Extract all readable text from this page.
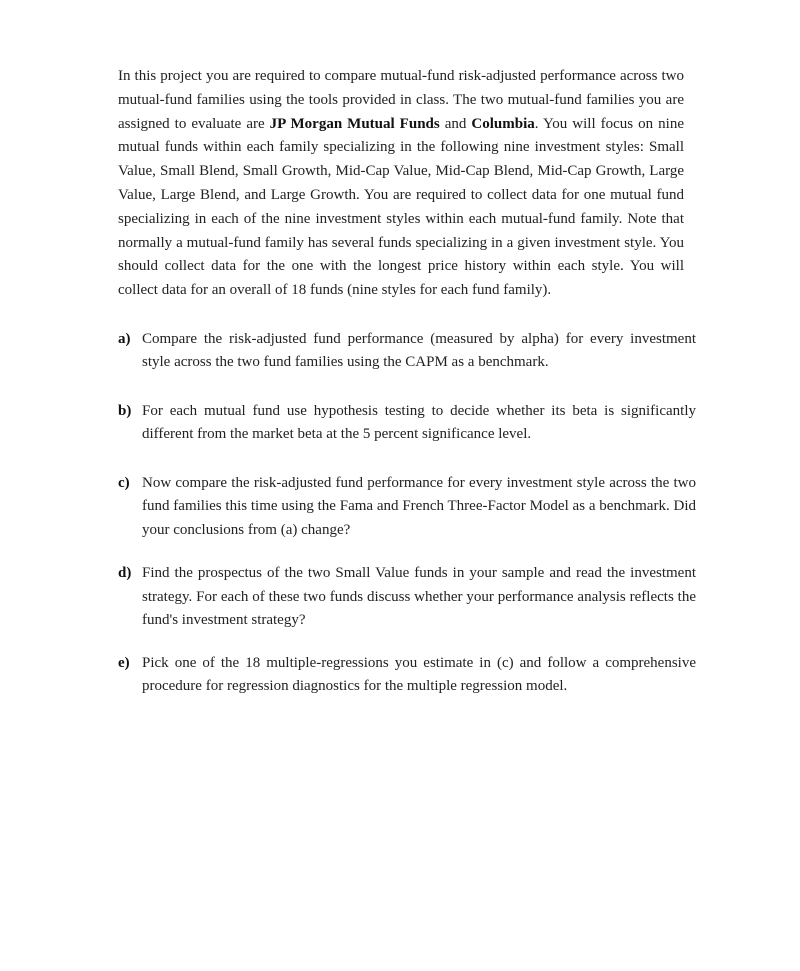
In this project you are required to compare mutual-fund risk-adjusted performance across two mutual-fund families using the tools provided in class. The two mutual-fund families you are assigned to evaluate are JP Morgan Mutual Funds and Columbia. You will focus on nine mutual funds within each family specializing in the following nine investment styles: Small Value, Small Blend, Small Growth, Mid-Cap Value, Mid-Cap Blend, Mid-Cap Growth, Large Value, Large Blend, and Large Growth. You are required to collect data for one mutual fund specializing in each of the nine investment styles within each mutual-fund family. Note that normally a mutual-fund family has several funds specializing in a given investment style. You should collect data for the one with the longest price history within each style. You will collect data for an overall of 18 funds (nine styles for each fund family).

a) Compare the risk-adjusted fund performance (measured by alpha) for every investment style across the two fund families using the CAPM as a benchmark.
b) For each mutual fund use hypothesis testing to decide whether its beta is significantly different from the market beta at the 5 percent significance level.
c) Now compare the risk-adjusted fund performance for every investment style across the two fund families this time using the Fama and French Three-Factor Model as a benchmark. Did your conclusions from (a) change?
d) Find the prospectus of the two Small Value funds in your sample and read the investment strategy. For each of these two funds discuss whether your performance analysis reflects the fund's investment strategy?
e) Pick one of the 18 multiple-regressions you estimate in (c) and follow a comprehensive procedure for regression diagnostics for the multiple regression model.
